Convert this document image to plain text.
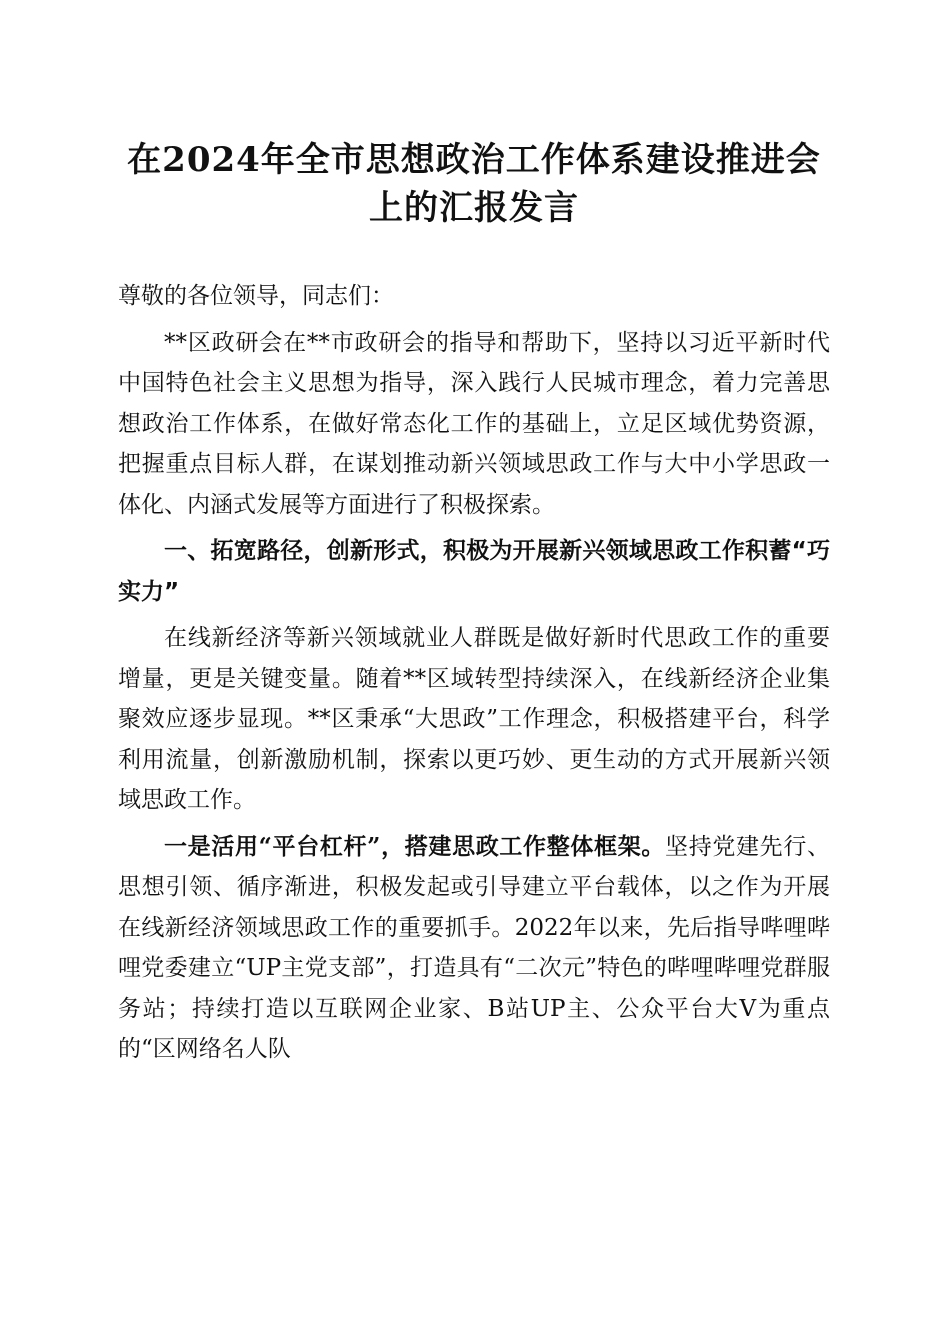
在2024年全市思想政治工作体系建设推进会
上的汇报发言

尊敬的各位领导，同志们：

**区政研会在**市政研会的指导和帮助下，坚持以习近平新时代中国特色社会主义思想为指导，深入践行人民城市理念，着力完善思想政治工作体系，在做好常态化工作的基础上，立足区域优势资源，把握重点目标人群，在谋划推动新兴领域思政工作与大中小学思政一体化、内涵式发展等方面进行了积极探索。

一、拓宽路径，创新形式，积极为开展新兴领域思政工作积蓄“巧实力”

在线新经济等新兴领域就业人群既是做好新时代思政工作的重要增量，更是关键变量。随着**区域转型持续深入，在线新经济企业集聚效应逐步显现。**区秉承“大思政”工作理念，积极搭建平台，科学利用流量，创新激励机制，探索以更巧妙、更生动的方式开展新兴领域思政工作。

一是活用“平台杠杆”，搭建思政工作整体框架。坚持党建先行、思想引领、循序渐进，积极发起或引导建立平台载体，以之作为开展在线新经济领域思政工作的重要抓手。2022年以来，先后指导哔哩哔哩党委建立“UP主党支部”，打造具有“二次元”特色的哔哩哔哩党群服务站；持续打造以互联网企业家、B站UP主、公众平台大V为重点的“区网络名人队
